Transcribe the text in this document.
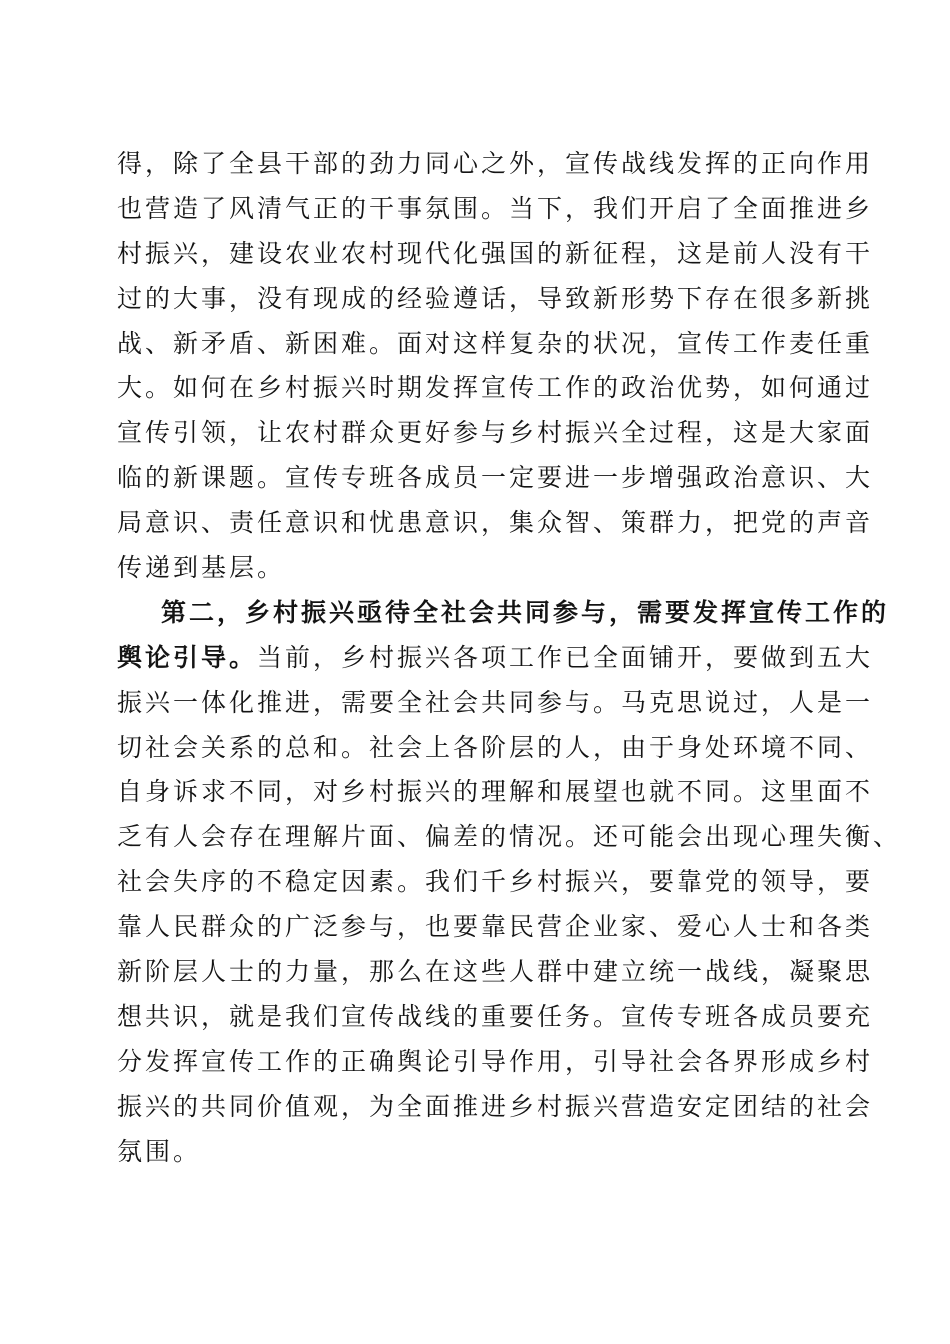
得，除了全县干部的劲力同心之外，宣传战线发挥的正向作用
也营造了风清气正的干事氛围。当下，我们开启了全面推进乡
村振兴，建设农业农村现代化强国的新征程，这是前人没有干
过的大事，没有现成的经验遵话，导致新形势下存在很多新挑
战、新矛盾、新困难。面对这样复杂的状况，宣传工作麦任重
大。如何在乡村振兴时期发挥宣传工作的政治优势，如何通过
宣传引领，让农村群众更好参与乡村振兴全过程，这是大家面
临的新课题。宣传专班各成员一定要进一步增强政治意识、大
局意识、责任意识和忧患意识，集众智、策群力，把党的声音
传递到基层。
第二，乡村振兴亟待全社会共同参与，需要发挥宣传工作的
舆论引导。当前，乡村振兴各项工作已全面铺开，要做到五大
振兴一体化推进，需要全社会共同参与。马克思说过，人是一
切社会关系的总和。社会上各阶层的人，由于身处环境不同、
自身诉求不同，对乡村振兴的理解和展望也就不同。这里面不
乏有人会存在理解片面、偏差的情况。还可能会出现心理失衡、
社会失序的不稳定因素。我们千乡村振兴，要靠党的领导，要
靠人民群众的广泛参与，也要靠民营企业家、爱心人士和各类
新阶层人士的力量，那么在这些人群中建立统一战线，凝聚思
想共识，就是我们宣传战线的重要任务。宣传专班各成员要充
分发挥宣传工作的正确舆论引导作用，引导社会各界形成乡村
振兴的共同价值观，为全面推进乡村振兴营造安定团结的社会
氛围。
